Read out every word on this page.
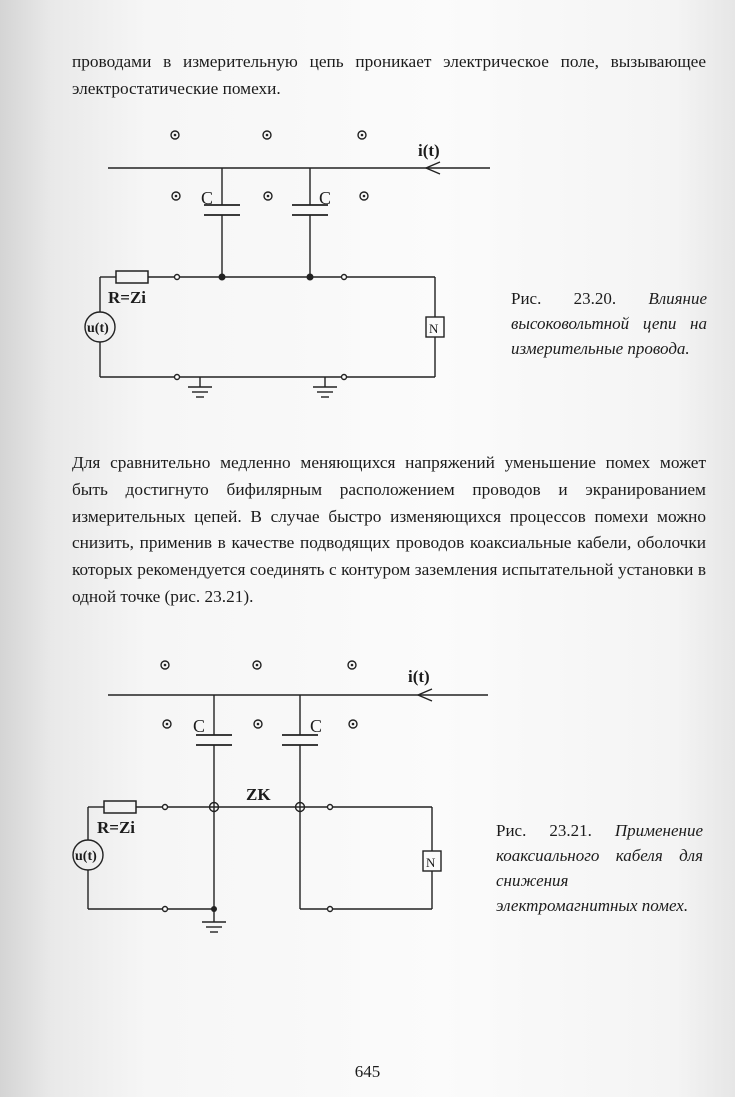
проводами в измерительную цепь проникает электрическое поле, вызывающее электростатические помехи.

i(t)
C	C
R=Zi
u(t)	N
Рис. 23.20. Влияние высоковольтной цепи на измерительные провода.

Для сравнительно медленно меняющихся напряжений уменьшение помех может быть достигнуто бифилярным расположением проводов и экранированием измерительных цепей. В случае быстро изменяющихся процессов помехи можно снизить, применив в качестве подводящих проводов коаксиальные кабели, оболочки которых рекомендуется соединять с контуром заземления испытательной установки в одной точке (рис. 23.21).

i(t)
C	C
ZK
R=Zi
u(t)	N
Рис. 23.21. Применение коаксиального кабеля для снижения электромагнитных помех.
645
